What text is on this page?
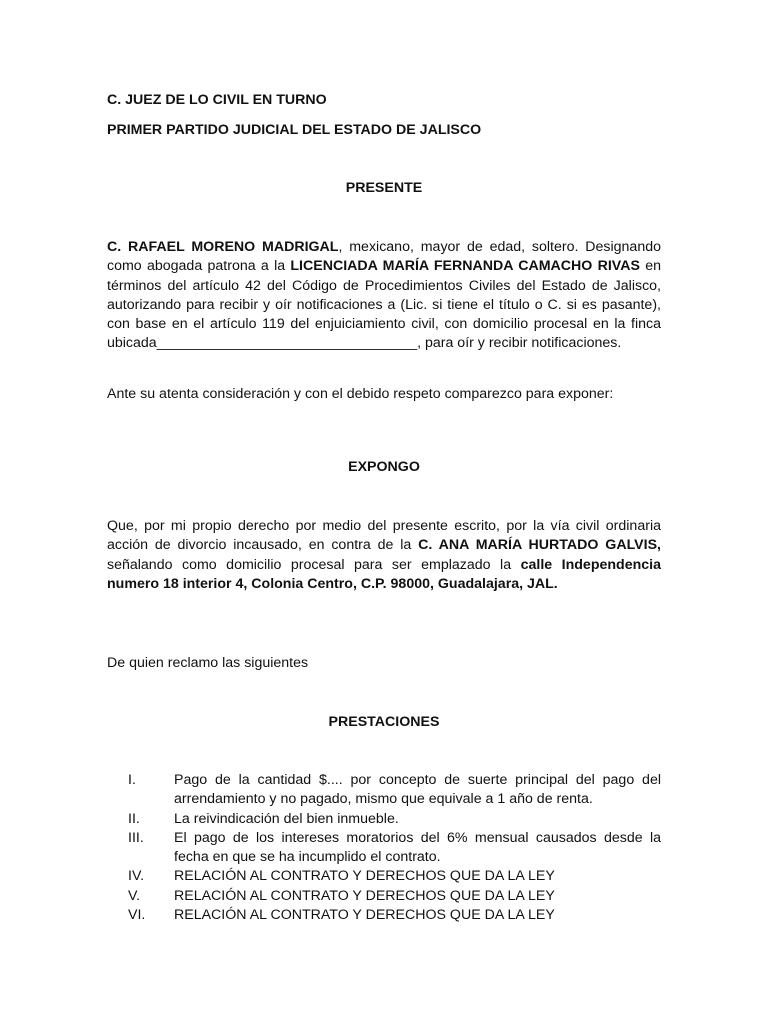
C. JUEZ DE LO CIVIL EN TURNO

PRIMER PARTIDO JUDICIAL DEL ESTADO DE JALISCO

PRESENTE

C. RAFAEL MORENO MADRIGAL, mexicano, mayor de edad, soltero. Designando como abogada patrona a la LICENCIADA MARÍA FERNANDA CAMACHO RIVAS en términos del artículo 42 del Código de Procedimientos Civiles del Estado de Jalisco, autorizando para recibir y oír notificaciones a (Lic. si tiene el título o C. si es pasante), con base en el artículo 119 del enjuiciamiento civil, con domicilio procesal en la finca ubicada_________________________________, para oír y recibir notificaciones.

Ante su atenta consideración y con el debido respeto comparezco para exponer:

EXPONGO

Que, por mi propio derecho por medio del presente escrito, por la vía civil ordinaria acción de divorcio incausado, en contra de la C. ANA MARÍA HURTADO GALVIS, señalando como domicilio procesal para ser emplazado la calle Independencia numero 18 interior 4, Colonia Centro, C.P. 98000, Guadalajara, JAL.

De quien reclamo las siguientes

PRESTACIONES

I.	Pago de la cantidad $.... por concepto de suerte principal del pago del arrendamiento y no pagado, mismo que equivale a 1 año de renta.
II.	La reivindicación del bien inmueble.
III.	El pago de los intereses moratorios del 6% mensual causados desde la fecha en que se ha incumplido el contrato.
IV.	RELACIÓN AL CONTRATO Y DERECHOS QUE DA LA LEY
V.	RELACIÓN AL CONTRATO Y DERECHOS QUE DA LA LEY
VI.	RELACIÓN AL CONTRATO Y DERECHOS QUE DA LA LEY
